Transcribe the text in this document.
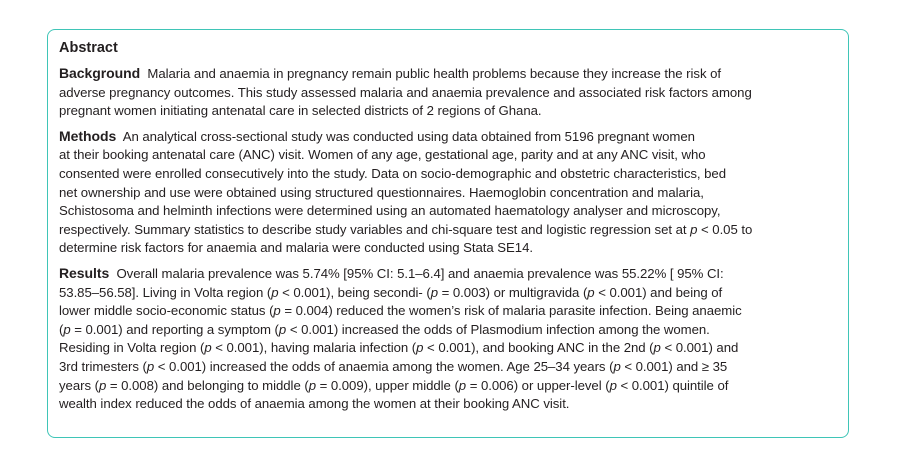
Abstract

Background Malaria and anaemia in pregnancy remain public health problems because they increase the risk of
adverse pregnancy outcomes. This study assessed malaria and anaemia prevalence and associated risk factors among
pregnant women initiating antenatal care in selected districts of 2 regions of Ghana.

Methods An analytical cross-sectional study was conducted using data obtained from 5196 pregnant women
at their booking antenatal care (ANC) visit. Women of any age, gestational age, parity and at any ANC visit, who
consented were enrolled consecutively into the study. Data on socio-demographic and obstetric characteristics, bed
net ownership and use were obtained using structured questionnaires. Haemoglobin concentration and malaria,
Schistosoma and helminth infections were determined using an automated haematology analyser and microscopy,
respectively. Summary statistics to describe study variables and chi-square test and logistic regression set at p < 0.05 to
determine risk factors for anaemia and malaria were conducted using Stata SE14.

Results Overall malaria prevalence was 5.74% [95% CI: 5.1–6.4] and anaemia prevalence was 55.22% [ 95% CI:
53.85–56.58]. Living in Volta region (p < 0.001), being secondi- (p = 0.003) or multigravida (p < 0.001) and being of
lower middle socio-economic status (p = 0.004) reduced the women’s risk of malaria parasite infection. Being anaemic
(p = 0.001) and reporting a symptom (p < 0.001) increased the odds of Plasmodium infection among the women.
Residing in Volta region (p < 0.001), having malaria infection (p < 0.001), and booking ANC in the 2nd (p < 0.001) and
3rd trimesters (p < 0.001) increased the odds of anaemia among the women. Age 25–34 years (p < 0.001) and ≥ 35
years (p = 0.008) and belonging to middle (p = 0.009), upper middle (p = 0.006) or upper-level (p < 0.001) quintile of
wealth index reduced the odds of anaemia among the women at their booking ANC visit.
